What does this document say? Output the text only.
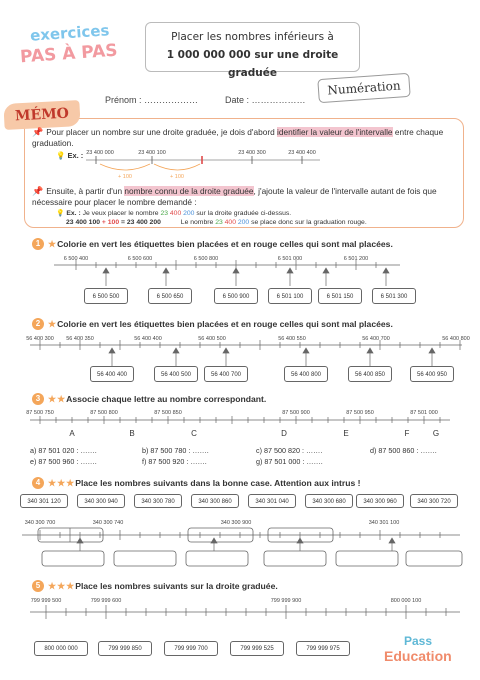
exercices
PAS À PAS
Placer les nombres inférieurs à
1 000 000 000 sur une droite graduée
Numération
Prénom : ………………	Date : ………………
MÉMO
📌 Pour placer un nombre sur une droite graduée, je dois d'abord identifier la valeur de l'intervalle entre chaque graduation.
💡 Ex. : 23 400 000	23 400 100	23 400 300	23 400 400
+ 100	+ 100
📌 Ensuite, à partir d'un nombre connu de la droite graduée, j'ajoute la valeur de l'intervalle autant de fois que nécessaire pour placer le nombre demandé :
💡 Ex. : Je veux placer le nombre 23 400 200 sur la droite graduée ci-dessus.
23 400 100 + 100 = 23 400 200	Le nombre 23 400 200 se place donc sur la graduation rouge.
1 ★ Colorie en vert les étiquettes bien placées et en rouge celles qui sont mal placées.
6 500 400	6 500 600	6 500 800	6 501 000	6 501 200
6 500 500	6 500 650	6 500 900	6 501 100	6 501 150	6 501 300
2 ★ Colorie en vert les étiquettes bien placées et en rouge celles qui sont mal placées.
56 400 300 56 400 350	56 400 400	56 400 500	56 400 550	56 400 700	56 400 800
56 400 400	56 400 500	56 400 700	56 400 800	56 400 850	56 400 950
3 ★ ★ Associe chaque lettre au nombre correspondant.
87 500 750	87 500 800	87 500 850	87 500 900	87 500 950	87 501 000
A	B	C	D	E	F	G
a) 87 501 020 : …….	b) 87 500 780 : …….	c) 87 500 820 : …….	d) 87 500 860 : …….
e) 87 500 960 : …….	f) 87 500 920 : …….	g) 87 501 000 : …….
4 ★ ★ ★ Place les nombres suivants dans la bonne case. Attention aux intrus !
340 301 120	340 300 940	340 300 780	340 300 860	340 301 040	340 300 680	340 300 960	340 300 720
340 300 700	340 300 740	340 300 900	340 301 100
5 ★ ★ ★ Place les nombres suivants sur la droite graduée.
799 999 500	799 999 600	799 999 900	800 000 100
800 000 000	799 999 850	799 999 700	799 999 525	799 999 975
Pass
Education
